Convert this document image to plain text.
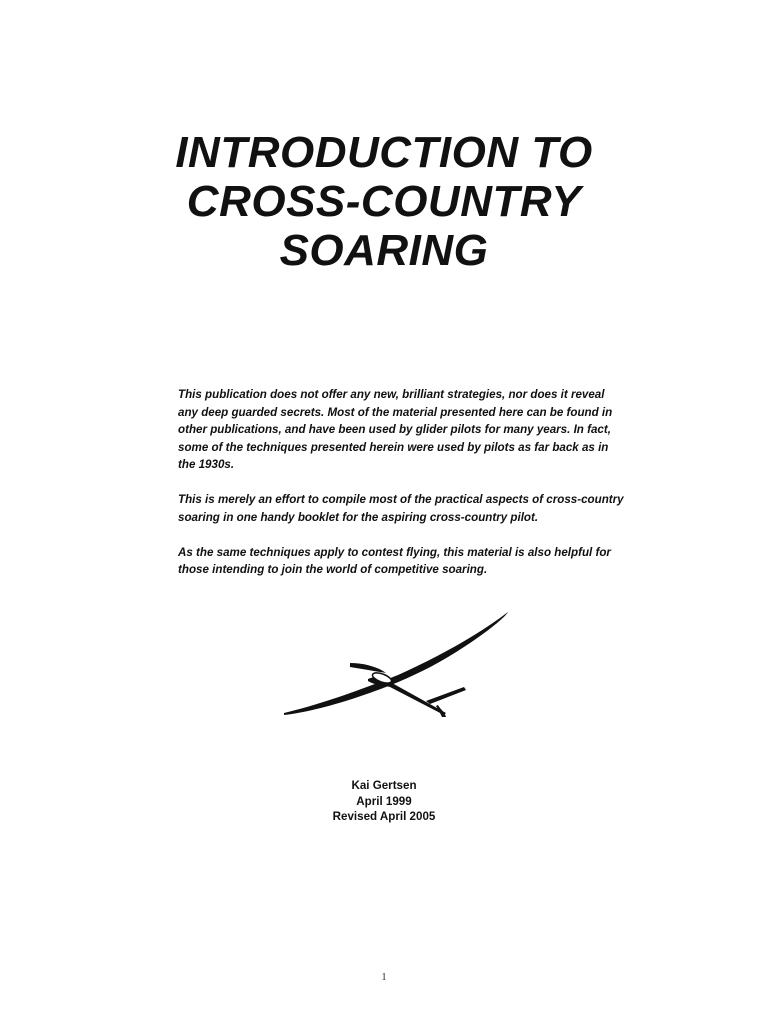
INTRODUCTION TO
CROSS-COUNTRY
SOARING

This publication does not offer any new, brilliant strategies, nor does it reveal any deep guarded secrets. Most of the material presented here can be found in other publications, and have been used by glider pilots for many years. In fact, some of the techniques presented herein were used by pilots as far back as in the 1930s.

This is merely an effort to compile most of the practical aspects of cross-country soaring in one handy booklet for the aspiring cross-country pilot.

As the same techniques apply to contest flying, this material is also helpful for those intending to join the world of competitive soaring.

Kai Gertsen
April 1999
Revised April 2005
1
